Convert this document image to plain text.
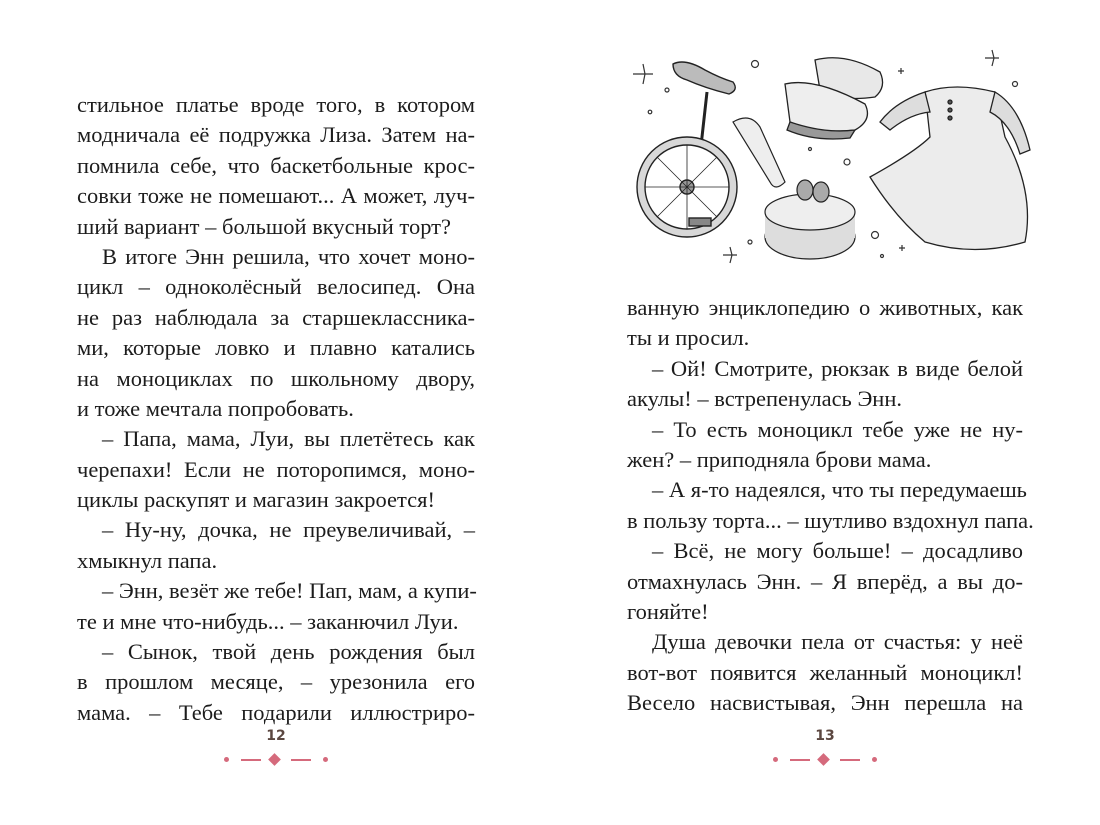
стильное платье вроде того, в котором
модничала её подружка Лиза. Затем на-
помнила себе, что баскетбольные крос-
совки тоже не помешают... А может, луч-
ший вариант – большой вкусный торт?
В итоге Энн решила, что хочет моно-
цикл – одноколёсный велосипед. Она
не раз наблюдала за старшеклассника-
ми, которые ловко и плавно катались
на моноциклах по школьному двору,
и тоже мечтала попробовать.
– Папа, мама, Луи, вы плетётесь как
черепахи! Если не поторопимся, моно-
циклы раскупят и магазин закроется!
– Ну-ну, дочка, не преувеличивай, –
хмыкнул папа.
– Энн, везёт же тебе! Пап, мам, а купи-
те и мне что-нибудь... – заканючил Луи.
– Сынок, твой день рождения был
в прошлом месяце, – урезонила его
мама. – Тебе подарили иллюстриро-
12
ванную энциклопедию о животных, как
ты и просил.
– Ой! Смотрите, рюкзак в виде белой
акулы! – встрепенулась Энн.
– То есть моноцикл тебе уже не ну-
жен? – приподняла брови мама.
– А я-то надеялся, что ты передумаешь
в пользу торта... – шутливо вздохнул папа.
– Всё, не могу больше! – досадливо
отмахнулась Энн. – Я вперёд, а вы до-
гоняйте!
Душа девочки пела от счастья: у неё
вот-вот появится желанный моноцикл!
Весело насвистывая, Энн перешла на
13
